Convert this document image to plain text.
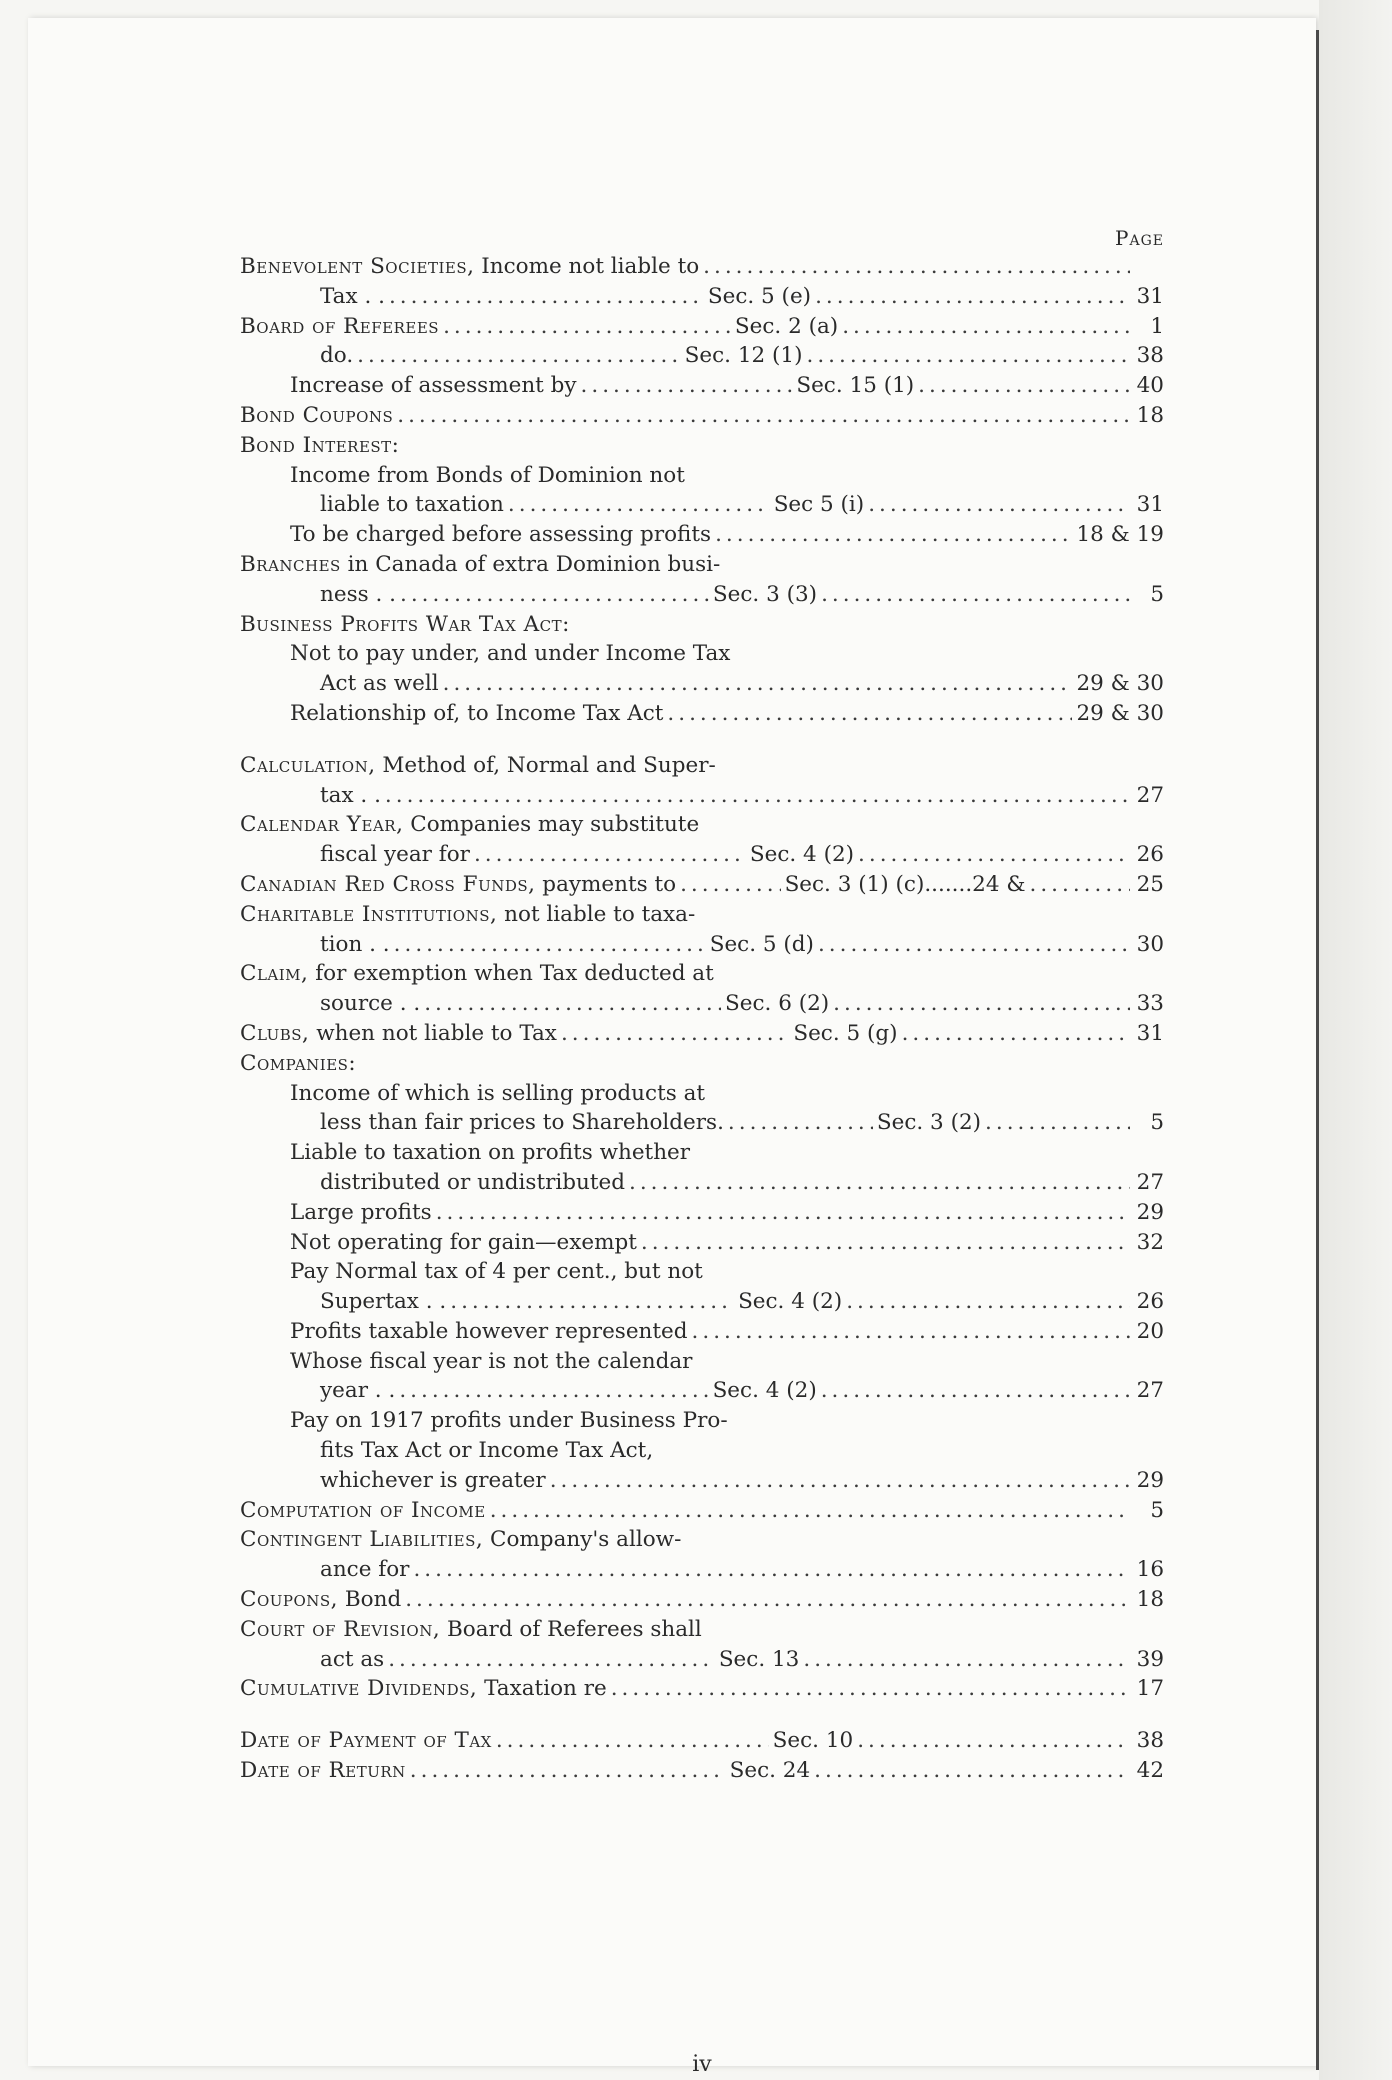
Page
Benevolent Societies, Income not liable to
.....
Tax . . .....	Sec. 5 (e) .....	31
Board of Referees .....	Sec. 2 (a) .....	1
do. .....	Sec. 12 (1) .....	38
Increase of assessment by .....	Sec. 15 (1) .....	40
Bond Coupons .....	18
Bond Interest:
Income from Bonds of Dominion not
liable to taxation .....	Sec 5 (i) .....	31
To be charged before assessing profits .....	18 & 19
Branches in Canada of extra Dominion busi-
ness . . .....	Sec. 3 (3) .....	5
Business Profits War Tax Act:
Not to pay under, and under Income Tax
Act as well .....	29 & 30
Relationship of, to Income Tax Act .....	29 & 30
Calculation, Method of, Normal and Super-
tax . . .....	27
Calendar Year, Companies may substitute
fiscal year for .....	Sec. 4 (2) .....	26
Canadian Red Cross Funds, payments to .....	Sec. 3 (1) (c).......24 & .....	25
Charitable Institutions, not liable to taxa-
tion . . .....	Sec. 5 (d) .....	30
Claim, for exemption when Tax deducted at
source . . .....	Sec. 6 (2) .....	33
Clubs, when not liable to Tax .....	Sec. 5 (g) .....	31
Companies:
Income of which is selling products at
less than fair prices to Shareholders. .....	Sec. 3 (2) .....	5
Liable to taxation on profits whether
distributed or undistributed .....	27
Large profits .....	29
Not operating for gain—exempt .....	32
Pay Normal tax of 4 per cent., but not
Supertax . . .....	Sec. 4 (2) .....	26
Profits taxable however represented .....	20
Whose fiscal year is not the calendar
year . . .....	Sec. 4 (2) .....	27
Pay on 1917 profits under Business Pro-
fits Tax Act or Income Tax Act,
whichever is greater .....	29
Computation of Income .....	5
Contingent Liabilities, Company's allow-
ance for .....	16
Coupons, Bond .....	18
Court of Revision, Board of Referees shall
act as .....	Sec. 13 .....	39
Cumulative Dividends, Taxation re .....	17
Date of Payment of Tax .....	Sec. 10 .....	38
Date of Return .....	Sec. 24 .....	42
iv
